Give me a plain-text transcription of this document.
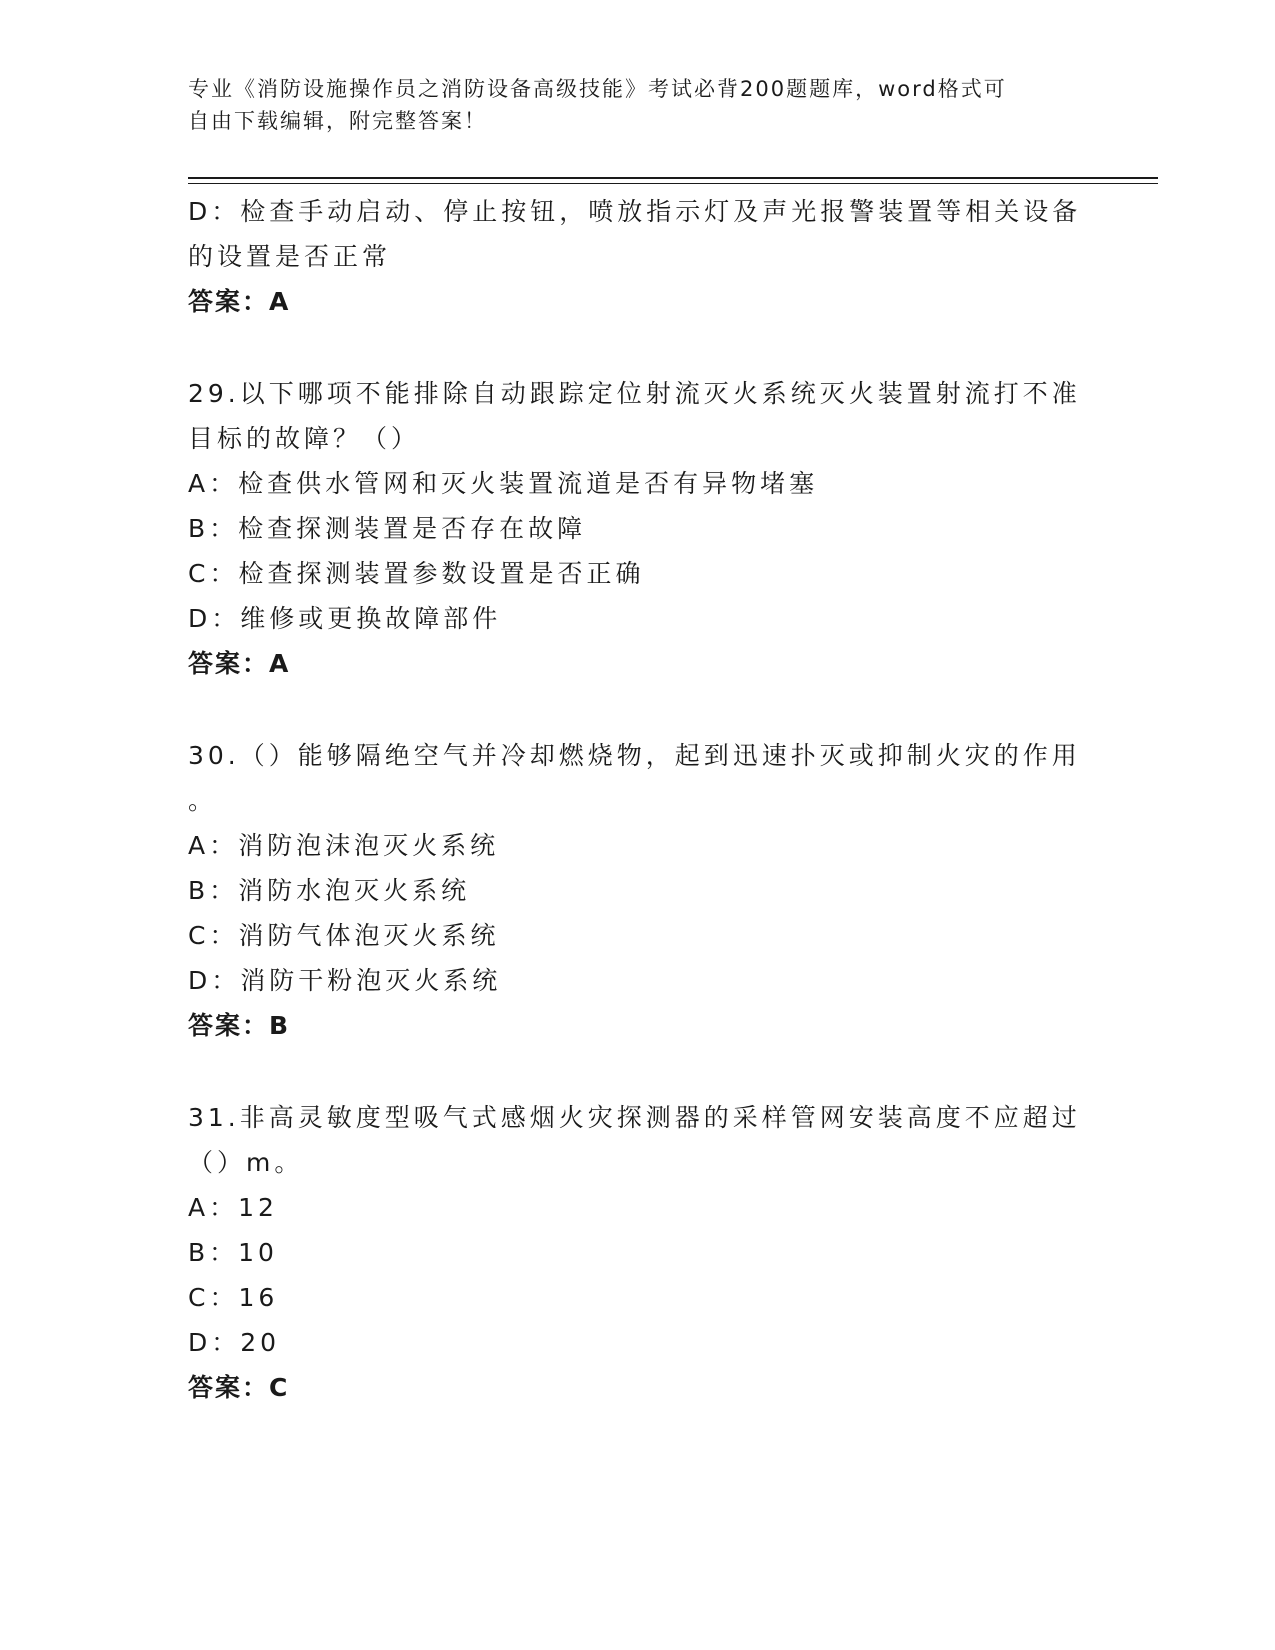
专业《消防设施操作员之消防设备高级技能》考试必背200题题库，word格式可
自由下载编辑，附完整答案！
D：检查手动启动、停止按钮，喷放指示灯及声光报警装置等相关设备
的设置是否正常
答案：A
29.以下哪项不能排除自动跟踪定位射流灭火系统灭火装置射流打不准
目标的故障？（）
A：检查供水管网和灭火装置流道是否有异物堵塞
B：检查探测装置是否存在故障
C：检查探测装置参数设置是否正确
D：维修或更换故障部件
答案：A
30.（）能够隔绝空气并冷却燃烧物，起到迅速扑灭或抑制火灾的作用
。
A：消防泡沫泡灭火系统
B：消防水泡灭火系统
C：消防气体泡灭火系统
D：消防干粉泡灭火系统
答案：B
31.非高灵敏度型吸气式感烟火灾探测器的采样管网安装高度不应超过
（）m。
A：12
B：10
C：16
D：20
答案：C
